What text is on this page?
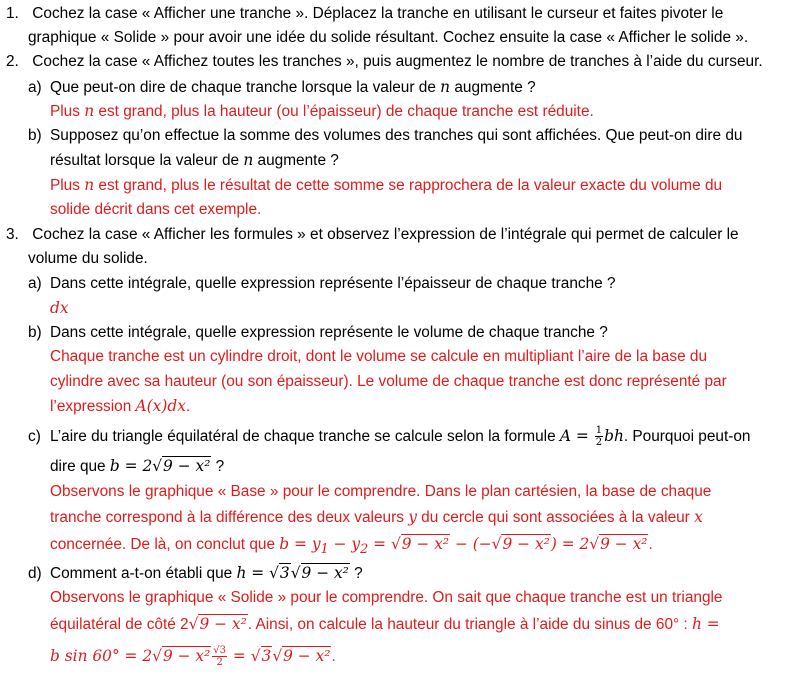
1. Cochez la case « Afficher une tranche ». Déplacez la tranche en utilisant le curseur et faites pivoter le
graphique « Solide » pour avoir une idée du solide résultant. Cochez ensuite la case « Afficher le solide ».
2. Cochez la case « Affichez toutes les tranches », puis augmentez le nombre de tranches à l’aide du curseur.
a) Que peut-on dire de chaque tranche lorsque la valeur de n augmente ?
Plus n est grand, plus la hauteur (ou l’épaisseur) de chaque tranche est réduite.
b) Supposez qu’on effectue la somme des volumes des tranches qui sont affichées. Que peut-on dire du
résultat lorsque la valeur de n augmente ?
Plus n est grand, plus le résultat de cette somme se rapprochera de la valeur exacte du volume du
solide décrit dans cet exemple.
3. Cochez la case « Afficher les formules » et observez l’expression de l’intégrale qui permet de calculer le
volume du solide.
a) Dans cette intégrale, quelle expression représente l’épaisseur de chaque tranche ?
dx
b) Dans cette intégrale, quelle expression représente le volume de chaque tranche ?
Chaque tranche est un cylindre droit, dont le volume se calcule en multipliant l’aire de la base du
cylindre avec sa hauteur (ou son épaisseur). Le volume de chaque tranche est donc représenté par
l’expression A(x)dx.
c) L’aire du triangle équilatéral de chaque tranche se calcule selon la formule $A = \frac{1}{2}$ bh. Pourquoi peut-on
dire que b = 2√9 − x² ?
Observons le graphique « Base » pour le comprendre. Dans le plan cartésien, la base de chaque
tranche correspond à la différence des deux valeurs y du cercle qui sont associées à la valeur x
concernée. De là, on conclut que $b = y_1 - y_2 = √9 - x^2 - (-√9 - x^2) = 2√9 - x^2$.
d) Comment a-t-on établi que h = √3√9 − x² ?
Observons le graphique « Solide » pour le comprendre. On sait que chaque tranche est un triangle
équilatéral de côté 2√9 − x². Ainsi, on calcule la hauteur du triangle à l’aide du sinus de 60° : h =
b $\sin 60^\circ = 2√9 - x^2 \frac{√3}{2} = √3√9 - x^2$.
